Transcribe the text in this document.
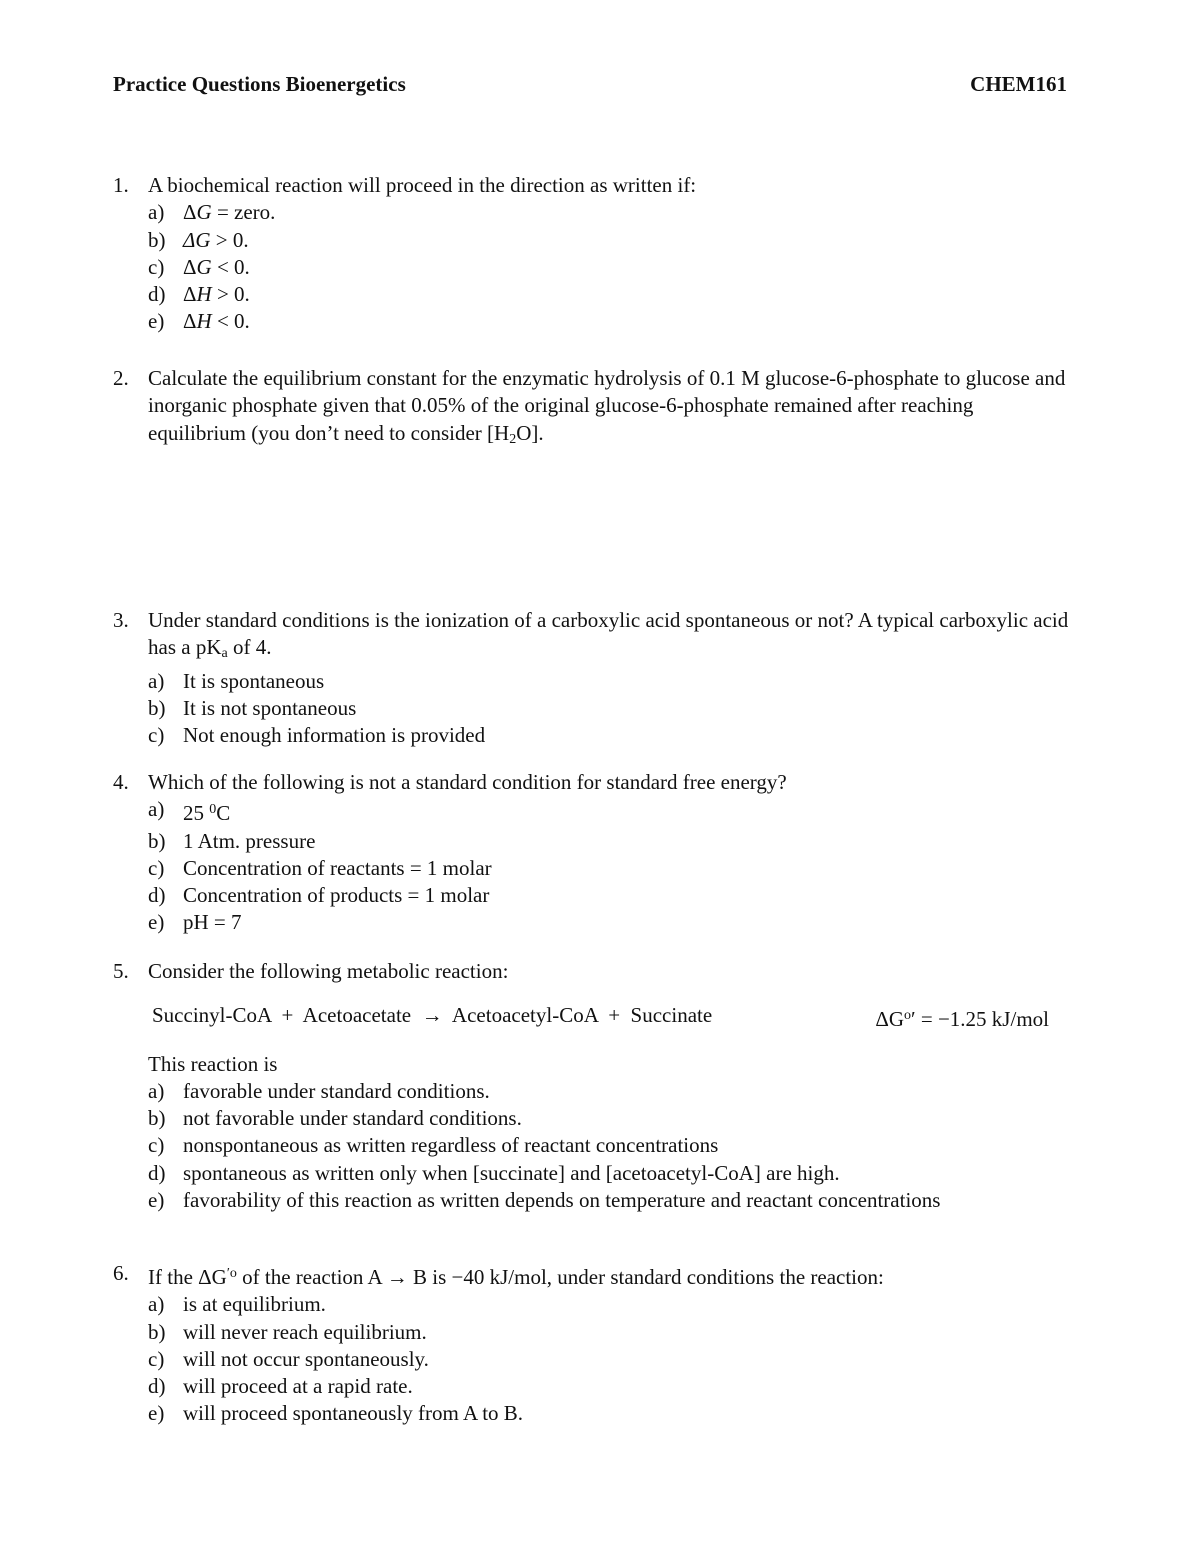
Practice Questions Bioenergetics	CHEM161
1. A biochemical reaction will proceed in the direction as written if:
a) ΔG = zero.
b) ΔG > 0.
c) ΔG < 0.
d) ΔH > 0.
e) ΔH < 0.
2. Calculate the equilibrium constant for the enzymatic hydrolysis of 0.1 M glucose-6-phosphate to glucose and inorganic phosphate given that 0.05% of the original glucose-6-phosphate remained after reaching equilibrium (you don’t need to consider $[H_2O]$.
3. Under standard conditions is the ionization of a carboxylic acid spontaneous or not? A typical carboxylic acid has a $pK_a$ of 4.
a) It is spontaneous
b) It is not spontaneous
c) Not enough information is provided
4. Which of the following is not a standard condition for standard free energy?
a) 25 $^0$C
b) 1 Atm. pressure
c) Concentration of reactants = 1 molar
d) Concentration of products = 1 molar
e) pH = 7
5. Consider the following metabolic reaction:
Succinyl-CoA  +  Acetoacetate  →  Acetoacetyl-CoA  +  Succinate	$\Delta G^oʹ = -1.25$ kJ/mol
This reaction is
a) favorable under standard conditions.
b) not favorable under standard conditions.
c) nonspontaneous as written regardless of reactant concentrations
d) spontaneous as written only when [succinate] and [acetoacetyl-CoA] are high.
e) favorability of this reaction as written depends on temperature and reactant concentrations
6. If the $\Delta G^{'o}$ of the reaction A → B is −40 kJ/mol, under standard conditions the reaction:
a) is at equilibrium.
b) will never reach equilibrium.
c) will not occur spontaneously.
d) will proceed at a rapid rate.
e) will proceed spontaneously from A to B.
